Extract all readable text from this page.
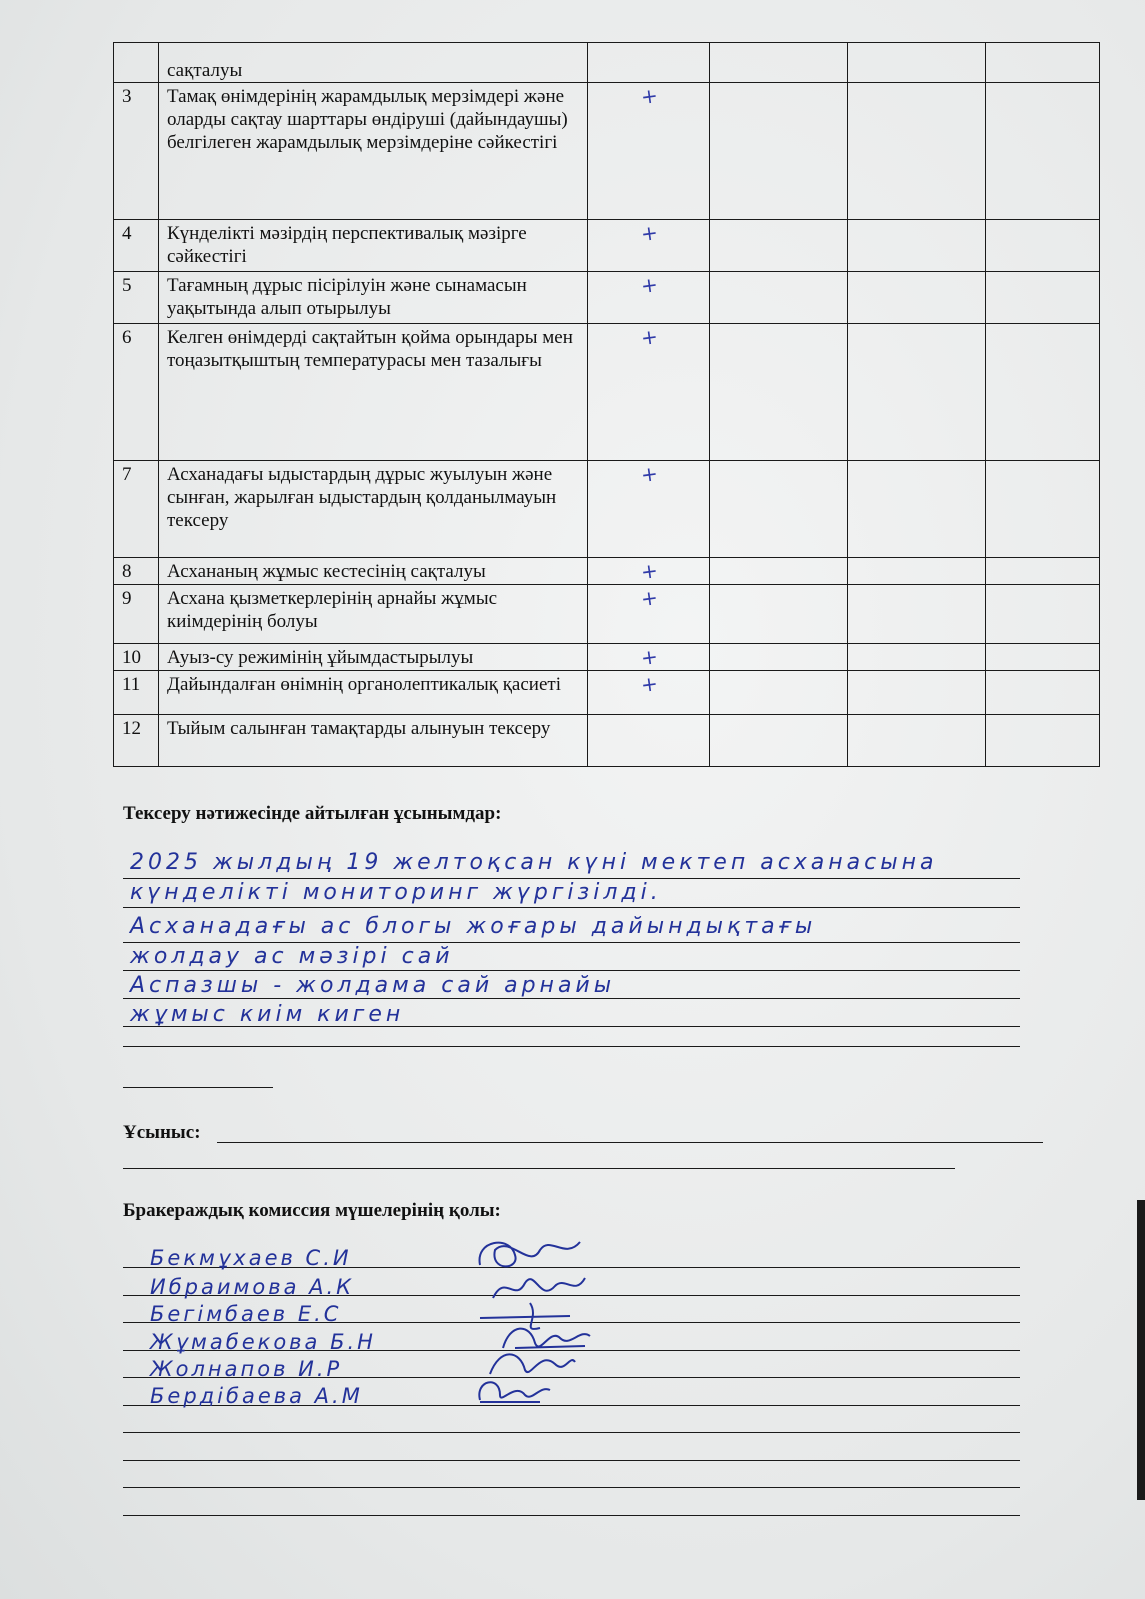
	сақталуы				
3	Тамақ өнімдерінің жарамдылық мерзімдері және оларды сақтау шарттары өндіруші (дайындаушы) белгілеген жарамдылық мерзімдеріне сәйкестігі	+			
4	Күнделікті мәзірдің перспективалық мәзірге сәйкестігі	+			
5	Тағамның дұрыс пісірілуін және сынамасын уақытында алып отырылуы	+			
6	Келген өнімдерді сақтайтын қойма орындары мен тоңазытқыштың температурасы мен тазалығы	+			
7	Асханадағы ыдыстардың дұрыс жуылуын және сынған, жарылған ыдыстардың қолданылмауын тексеру	+			
8	Асхананың жұмыс кестесінің сақталуы	+			
9	Асхана қызметкерлерінің арнайы жұмыс киімдерінің болуы	+			
10	Ауыз-су режимінің ұйымдастырылуы	+			
11	Дайындалған өнімнің органолептикалық қасиеті	+			
12	Тыйым салынған тамақтарды алынуын тексеру				
Тексеру нәтижесінде айтылған ұсынымдар:
2025 жылдың 19 желтоқсан күні мектеп асханасына
күнделікті мониторинг жүргізілді.
Асханадағы ас блогы жоғары дайындықтағы
жолдау ас мәзірі сай
Аспазшы - жолдама сай арнайы
жұмыс киім киген
Ұсыныс:
Бракераждық комиссия мүшелерінің қолы:
Бекмұхаев С.И
Ибраимова А.К
Бегімбаев Е.С
Жұмабекова Б.Н
Жолнапов И.Р
Бердібаева А.М
